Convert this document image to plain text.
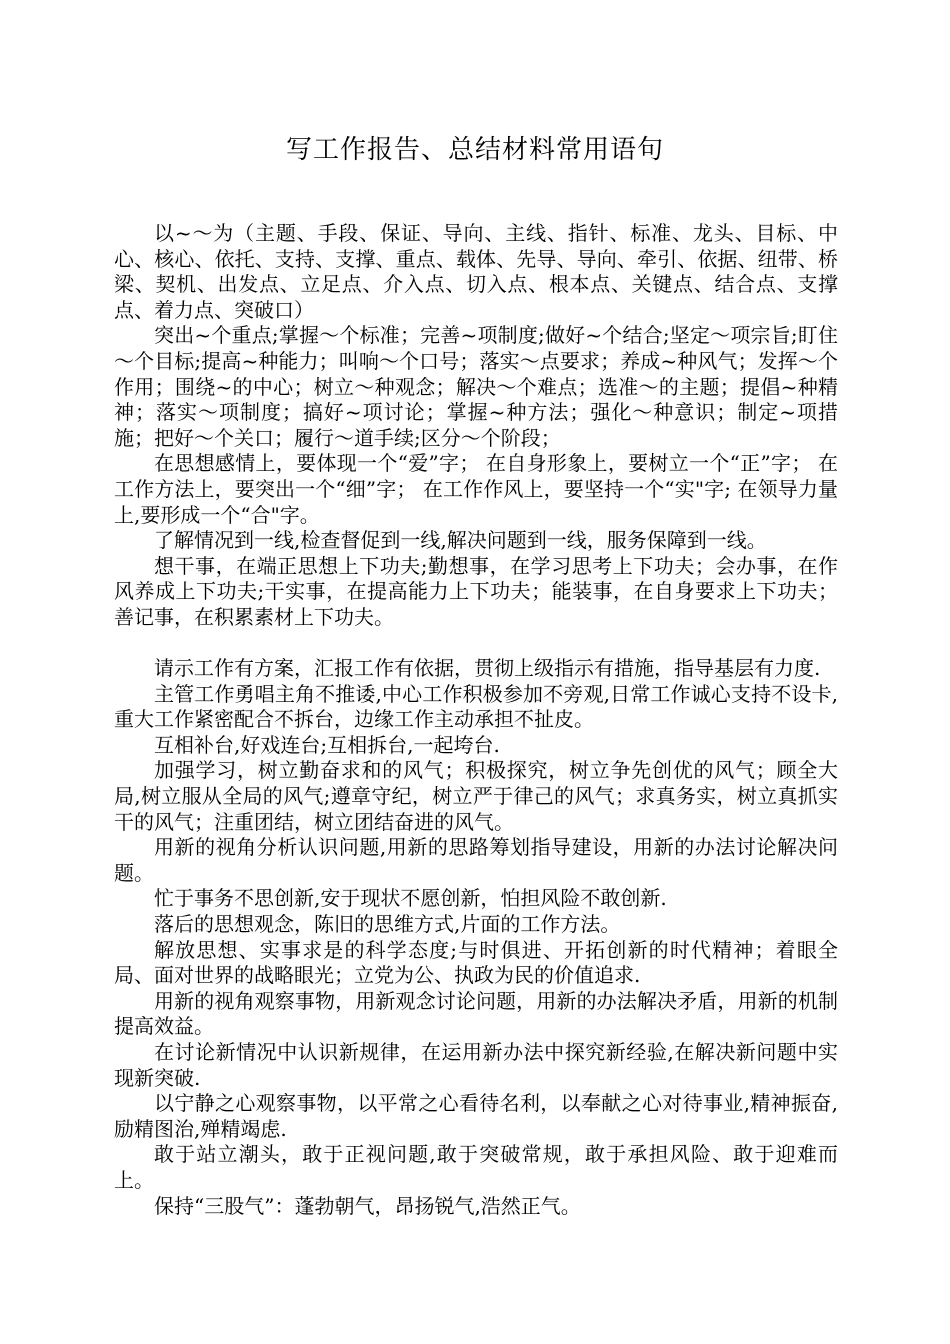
写工作报告、总结材料常用语句

以~～为（主题、手段、保证、导向、主线、指针、标准、龙头、目标、中心、核心、依托、支持、支撑、重点、载体、先导、导向、牵引、依据、纽带、桥梁、契机、出发点、立足点、介入点、切入点、根本点、关键点、结合点、支撑点、着力点、突破口）

突出~个重点;掌握～个标准；完善~项制度;做好~个结合;坚定～项宗旨;盯住～个目标;提高~种能力；叫响～个口号；落实～点要求；养成~种风气；发挥～个作用；围绕~的中心；树立～种观念；解决～个难点；选准～的主题；提倡~种精神；落实～项制度；搞好~项讨论；掌握~种方法；强化～种意识；制定~项措施；把好～个关口；履行～道手续;区分～个阶段；

在思想感情上，要体现一个“爱”字； 在自身形象上，要树立一个“正”字； 在工作方法上，要突出一个“细”字； 在工作作风上，要坚持一个“实"字; 在领导力量上,要形成一个“合"字。

了解情况到一线,检查督促到一线,解决问题到一线，服务保障到一线。

想干事，在端正思想上下功夫;勤想事，在学习思考上下功夫；会办事，在作风养成上下功夫;干实事，在提高能力上下功夫；能装事，在自身要求上下功夫；善记事，在积累素材上下功夫。

请示工作有方案，汇报工作有依据，贯彻上级指示有措施，指导基层有力度.

主管工作勇唱主角不推诿,中心工作积极参加不旁观,日常工作诚心支持不设卡,重大工作紧密配合不拆台，边缘工作主动承担不扯皮。

互相补台,好戏连台;互相拆台,一起垮台.

加强学习，树立勤奋求和的风气；积极探究，树立争先创优的风气；顾全大局,树立服从全局的风气;遵章守纪，树立严于律己的风气；求真务实，树立真抓实干的风气；注重团结，树立团结奋进的风气。

用新的视角分析认识问题,用新的思路筹划指导建设，用新的办法讨论解决问题。

忙于事务不思创新,安于现状不愿创新，怕担风险不敢创新.

落后的思想观念，陈旧的思维方式,片面的工作方法。

解放思想、实事求是的科学态度;与时俱进、开拓创新的时代精神；着眼全局、面对世界的战略眼光；立党为公、执政为民的价值追求.

用新的视角观察事物，用新观念讨论问题，用新的办法解决矛盾，用新的机制提高效益。

在讨论新情况中认识新规律，在运用新办法中探究新经验,在解决新问题中实现新突破.

以宁静之心观察事物，以平常之心看待名利，以奉献之心对待事业,精神振奋,励精图治,殚精竭虑.

敢于站立潮头，敢于正视问题,敢于突破常规，敢于承担风险、敢于迎难而上。

保持“三股气”：蓬勃朝气，昂扬锐气,浩然正气。
